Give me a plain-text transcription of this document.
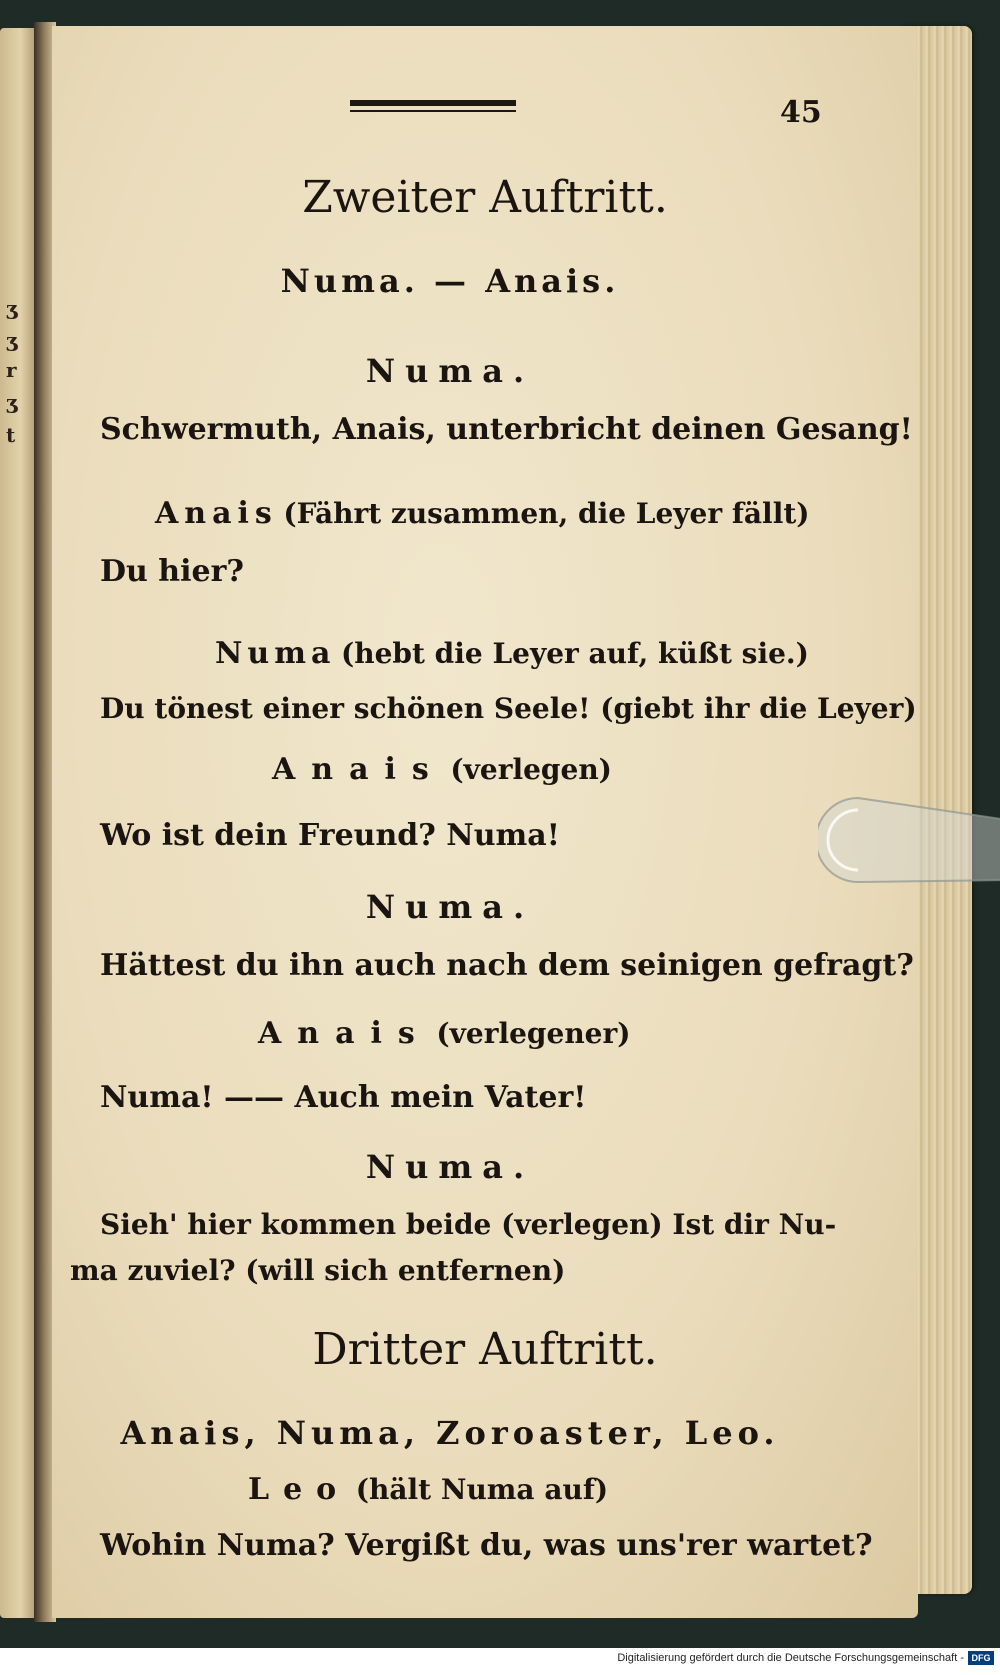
ʒ
ʒ
r
ʒ
t
45
Zweiter Auftritt.
Numa. — Anais.
Numa.
Schwermuth, Anais, unterbricht deinen Gesang!
Anais (Fährt zusammen, die Leyer fällt)
Du hier?
Numa (hebt die Leyer auf, küßt sie.)
Du tönest einer schönen Seele! (giebt ihr die Leyer)
Anais (verlegen)
Wo ist dein Freund? Numa!
Numa.
Hättest du ihn auch nach dem seinigen gefragt?
Anais (verlegener)
Numa! —— Auch mein Vater!
Numa.
Sieh' hier kommen beide (verlegen) Ist dir Nu-
ma zuviel? (will sich entfernen)
Dritter Auftritt.
Anais, Numa, Zoroaster, Leo.
Leo (hält Numa auf)
Wohin Numa? Vergißt du, was uns'rer wartet?
Digitalisierung gefördert durch die Deutsche Forschungsgemeinschaft - DFG
